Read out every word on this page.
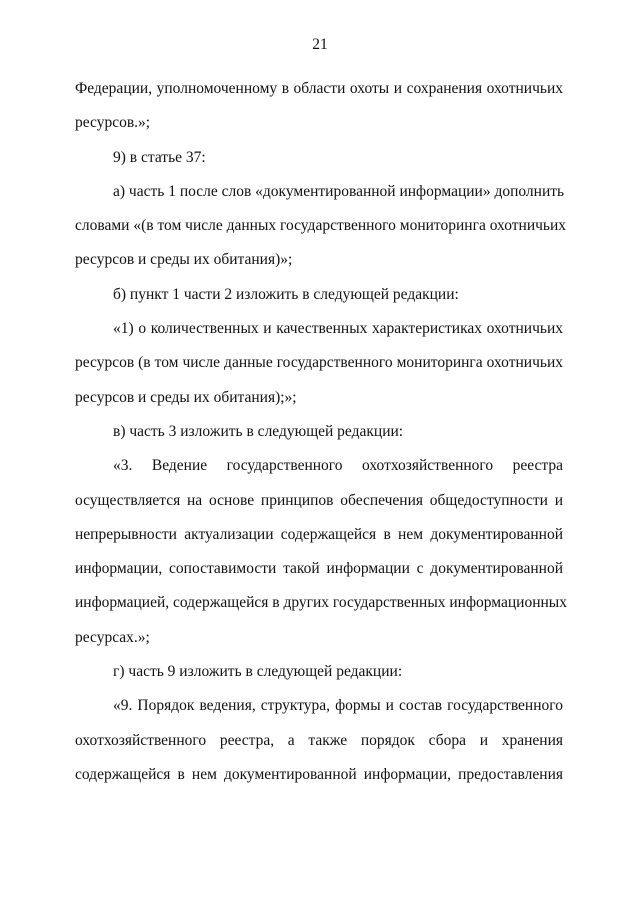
21
Федерации, уполномоченному в области охоты и сохранения охотничьих
ресурсов.»;
9) в статье 37:
а) часть 1 после слов «документированной информации» дополнить
словами «(в том числе данных государственного мониторинга охотничьих
ресурсов и среды их обитания)»;
б) пункт 1 части 2 изложить в следующей редакции:
«1) о количественных и качественных характеристиках охотничьих
ресурсов (в том числе данные государственного мониторинга охотничьих
ресурсов и среды их обитания);»;
в) часть 3 изложить в следующей редакции:
«3. Ведение государственного охотхозяйственного реестра
осуществляется на основе принципов обеспечения общедоступности и
непрерывности актуализации содержащейся в нем документированной
информации, сопоставимости такой информации с документированной
информацией, содержащейся в других государственных информационных
ресурсах.»;
г) часть 9 изложить в следующей редакции:
«9. Порядок ведения, структура, формы и состав государственного
охотхозяйственного реестра, а также порядок сбора и хранения
содержащейся в нем документированной информации, предоставления
